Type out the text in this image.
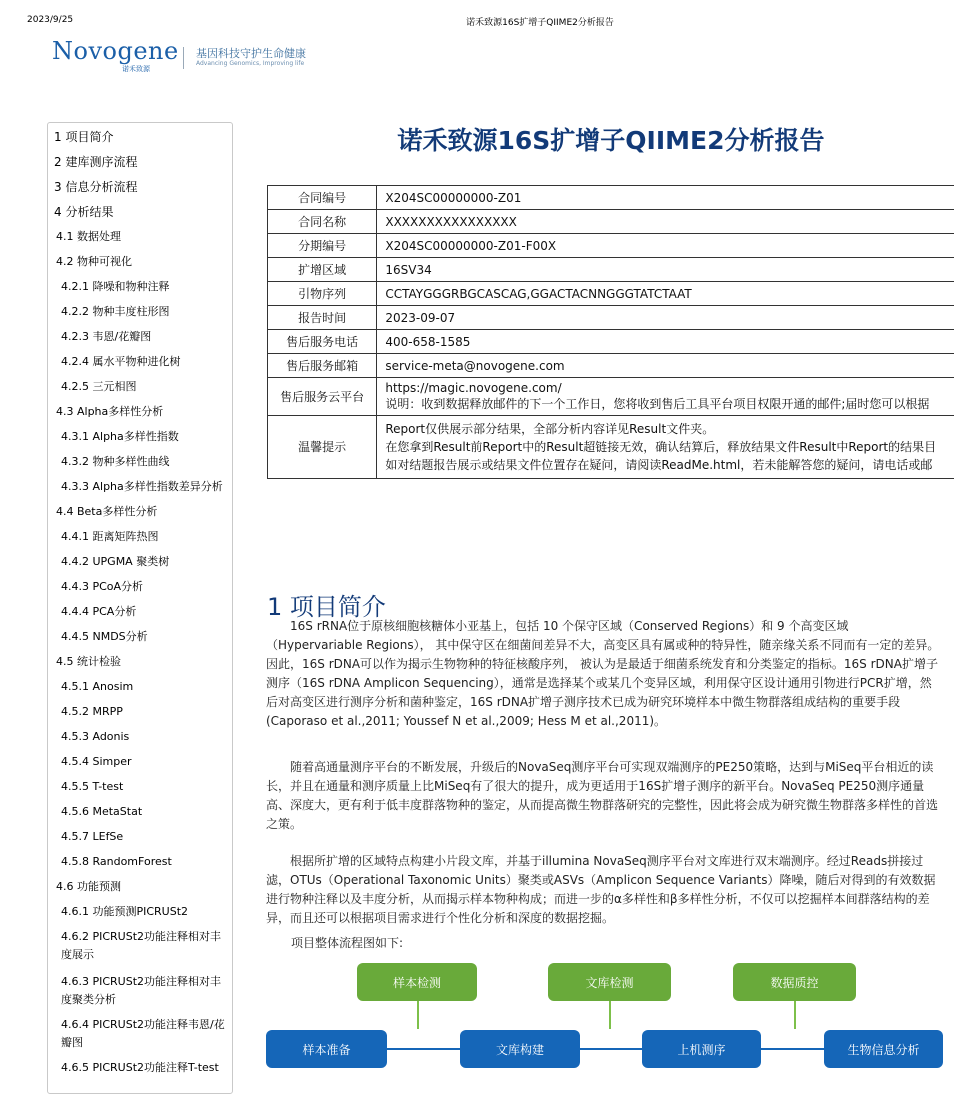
2023/9/25	诺禾致源16S扩增子QIIME2分析报告
Novogene
诺禾致源
基因科技守护生命健康
Advancing Genomics, Improving life
1 项目简介
2 建库测序流程
3 信息分析流程
4 分析结果
4.1 数据处理
4.2 物种可视化
4.2.1 降噪和物种注释
4.2.2 物种丰度柱形图
4.2.3 韦恩/花瓣图
4.2.4 属水平物种进化树
4.2.5 三元相图
4.3 Alpha多样性分析
4.3.1 Alpha多样性指数
4.3.2 物种多样性曲线
4.3.3 Alpha多样性指数差异分析
4.4 Beta多样性分析
4.4.1 距离矩阵热图
4.4.2 UPGMA 聚类树
4.4.3 PCoA分析
4.4.4 PCA分析
4.4.5 NMDS分析
4.5 统计检验
4.5.1 Anosim
4.5.2 MRPP
4.5.3 Adonis
4.5.4 Simper
4.5.5 T-test
4.5.6 MetaStat
4.5.7 LEfSe
4.5.8 RandomForest
4.6 功能预测
4.6.1 功能预测PICRUSt2
4.6.2 PICRUSt2功能注释相对丰度展示
4.6.3 PICRUSt2功能注释相对丰度聚类分析
4.6.4 PICRUSt2功能注释韦恩/花瓣图
4.6.5 PICRUSt2功能注释T-test
诺禾致源16S扩增子QIIME2分析报告
合同编号	X204SC00000000-Z01
合同名称	XXXXXXXXXXXXXXXX
分期编号	X204SC00000000-Z01-F00X
扩增区域	16SV34
引物序列	CCTAYGGGRBGCASCAG,GGACTACNNGGGTATCTAAT
报告时间	2023-09-07
售后服务电话	400-658-1585
售后服务邮箱	service-meta@novogene.com
售后服务云平台	https://magic.novogene.com/
说明：收到数据释放邮件的下一个工作日，您将收到售后工具平台项目权限开通的邮件;届时您可以根据

温馨提示	Report仅供展示部分结果，全部分析内容详见Result文件夹。
在您拿到Result前Report中的Result超链接无效，确认结算后，释放结果文件Result中Report的结果目
如对结题报告展示或结果文件位置存在疑问，请阅读ReadMe.html，若未能解答您的疑问，请电话或邮
1 项目简介

16S rRNA位于原核细胞核糖体小亚基上，包括 10 个保守区域（Conserved Regions）和 9 个高变区域（Hypervariable Regions）， 其中保守区在细菌间差异不大，高变区具有属或种的特异性，随亲缘关系不同而有一定的差异。因此，16S rDNA可以作为揭示生物物种的特征核酸序列， 被认为是最适于细菌系统发育和分类鉴定的指标。16S rDNA扩增子测序（16S rDNA Amplicon Sequencing），通常是选择某个或某几个变异区域，利用保守区设计通用引物进行PCR扩增，然后对高变区进行测序分析和菌种鉴定，16S rDNA扩增子测序技术已成为研究环境样本中微生物群落组成结构的重要手段(Caporaso et al.,2011; Youssef N et al.,2009; Hess M et al.,2011)。

随着高通量测序平台的不断发展，升级后的NovaSeq测序平台可实现双端测序的PE250策略，达到与MiSeq平台相近的读长，并且在通量和测序质量上比MiSeq有了很大的提升，成为更适用于16S扩增子测序的新平台。NovaSeq PE250测序通量高、深度大，更有利于低丰度群落物种的鉴定，从而提高微生物群落研究的完整性，因此将会成为研究微生物群落多样性的首选之策。

根据所扩增的区域特点构建小片段文库，并基于illumina NovaSeq测序平台对文库进行双末端测序。经过Reads拼接过滤，OTUs（Operational Taxonomic Units）聚类或ASVs（Amplicon Sequence Variants）降噪，随后对得到的有效数据进行物种注释以及丰度分析，从而揭示样本物种构成；而进一步的α多样性和β多样性分析，不仅可以挖掘样本间群落结构的差异，而且还可以根据项目需求进行个性化分析和深度的数据挖掘。

项目整体流程图如下:
样本检测	文库检测	数据质控
样本准备	文库构建	上机测序	生物信息分析
